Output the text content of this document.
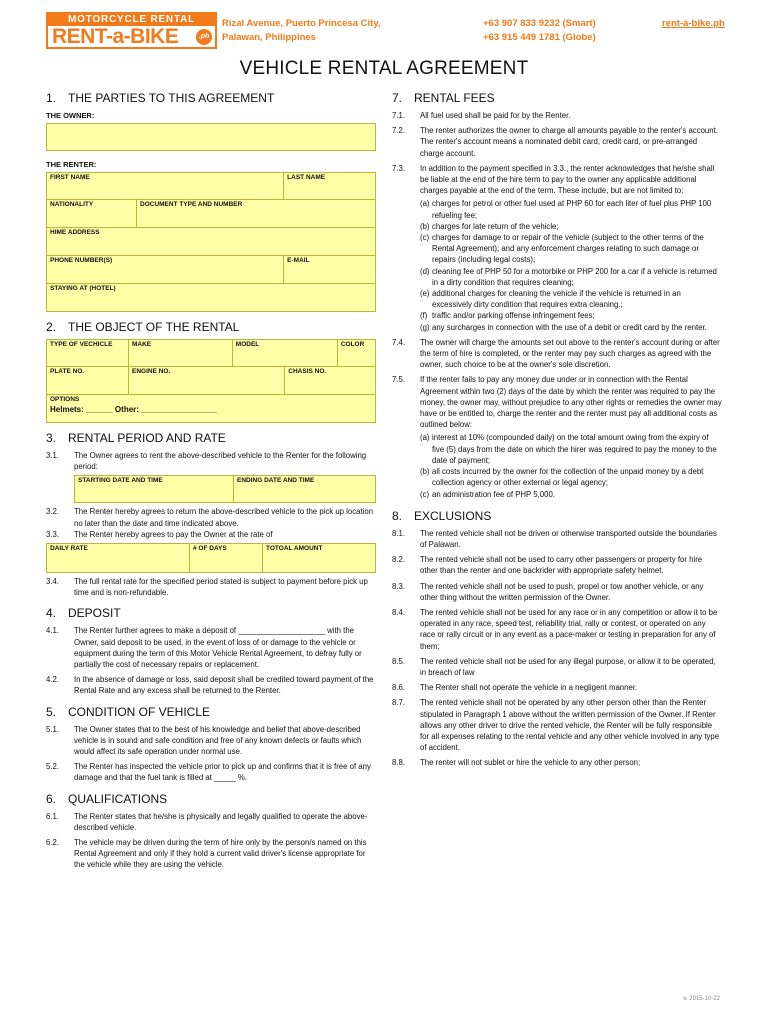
MOTORCYCLE RENTAL
RENT-a-BIKE	.ph
Rizal Avenue, Puerto Princesa City,
Palawan, Philippines
+63 907 833 9232 (Smart)
+63 915 449 1781 (Globe)
rent-a-bike.ph
VEHICLE RENTAL AGREEMENT
1. THE PARTIES TO THIS AGREEMENT
THE OWNER:
THE RENTER:
FIRST NAME		LAST NAME
NATIONALITY	DOCUMENT TYPE AND NUMBER	
HIME ADDRESS		
PHONE NUMBER(S)		E-MAIL
STAYING AT (HOTEL)		
2. THE OBJECT OF THE RENTAL
TYPE OF VECHICLE	MAKE	MODEL		COLOR
PLATE NO.	ENGINE NO.		CHASIS NO.	

OPTIONS
Helmets: ______ Other: _________________				
3. RENTAL PERIOD AND RATE
3.1. The Owner agrees to rent the above-described vehicle to the Renter for the following period:
STARTING DATE AND TIME	ENDING DATE AND TIME
3.2. The Renter hereby agrees to return the above-described vehicle to the pick up location no later than the date and time indicated above.
3.3. The Renter hereby agrees to pay the Owner at the rate of
DAILY RATE	# OF DAYS	TOTOAL AMOUNT
3.4. The full rental rate for the specified period stated is subject to payment before pick up time and is non-refundable.
4. DEPOSIT
4.1. The Renter further agrees to make a deposit of ____________________ with the Owner, said deposit to be used, in the event of loss of or damage to the vehicle or equipment during the term of this Motor Vehicle Rental Agreement, to defray fully or partially the cost of necessary repairs or replacement.
4.2. In the absence of damage or loss, said deposit shall be credited toward payment of the Rental Rate and any excess shall be returned to the Renter.
5. CONDITION OF VEHICLE
5.1. The Owner states that to the best of his knowledge and belief that above-described vehicle is in sound and safe condition and free of any known defects or faults which would affect its safe operation under normal use.
5.2. The Renter has inspected the vehicle prior to pick up and confirms that it is free of any damage and that the fuel tank is filled at _____ %.
6. QUALIFICATIONS
6.1. The Renter states that he/she is physically and legally qualified to operate the above-described vehicle.
6.2. The vehicle may be driven during the term of hire only by the person/s named on this Rental Agreement and only if they hold a current valid driver's license appropriate for the vehicle while they are using the vehicle.
7. RENTAL FEES
7.1. All fuel used shall be paid for by the Renter.
7.2. The renter authorizes the owner to charge all amounts payable to the renter's account. The renter's account means a nominated debit card, credit card, or pre-arranged charge account.
7.3. In addition to the payment specified in 3.3., the renter acknowledges that he/she shall be liable at the end of the hire term to pay to the owner any applicable additional charges payable at the end of the term. These include, but are not limited to:
(a) charges for petrol or other fuel used at PHP 60 for each liter of fuel plus PHP 100 refueling fee;
(b) charges for late return of the vehicle;
(c) charges for damage to or repair of the vehicle (subject to the other terms of the Rental Agreement); and any enforcement charges relating to such damage or repairs (including legal costs);
(d) cleaning fee of PHP 50 for a motorbike or PHP 200 for a car if a vehicle is returned in a dirty condition that requires cleaning;
(e) additional charges for cleaning the vehicle if the vehicle is returned in an excessively dirty condition that requires extra cleaning.;
(f) traffic and/or parking offense infringement fees;
(g) any surcharges in connection with the use of a debit or credit card by the renter.
7.4. The owner will charge the amounts set out above to the renter's account during or after the term of hire is completed, or the renter may pay such charges as agreed with the owner, such choice to be at the owner's sole discretion.
7.5. If the renter fails to pay any money due under or in connection with the Rental Agreement within two (2) days of the date by which the renter was required to pay the money, the owner may, without prejudice to any other rights or remedies the owner may have or be entitled to, charge the renter and the renter must pay all additional costs as outlined below:
(a) interest at 10% (compounded daily) on the total amount owing from the expiry of five (5) days from the date on which the hirer was required to pay the money to the date of payment;
(b) all costs incurred by the owner for the collection of the unpaid money by a debt collection agency or other external or legal agency;
(c) an administration fee of PHP 5,000.
8. EXCLUSIONS
8.1. The rented vehicle shall not be driven or otherwise transported outside the boundaries of Palawan.
8.2. The rented vehicle shall not be used to carry other passengers or property for hire other than the renter and one backrider with appropriate safety helmet.
8.3. The rented vehicle shall not be used to push, propel or tow another vehicle, or any other thing without the written permission of the Owner.
8.4. The rented vehicle shall not be used for any race or in any competition or allow it to be operated in any race, speed test, reliability trial, rally or contest, or operated on any race or rally circuit or in any event as a pace-maker or testing in preparation for any of them;
8.5. The rented vehicle shall not be used for any illegal purpose, or allow it to be operated, in breach of law
8.6. The Renter shall not operate the vehicle in a negligent manner.
8.7. The rented vehicle shall not be operated by any other person other than the Renter stipulated in Paragraph 1 above without the written permission of the Owner. If Renter allows any other driver to drive the rented vehicle, the Renter will be fully responsible for all expenses relating to the rental vehicle and any other vehicle involved in any type of accident.
8.8. The renter will not sublet or hire the vehicle to any other person;
v. 2015-10-22
